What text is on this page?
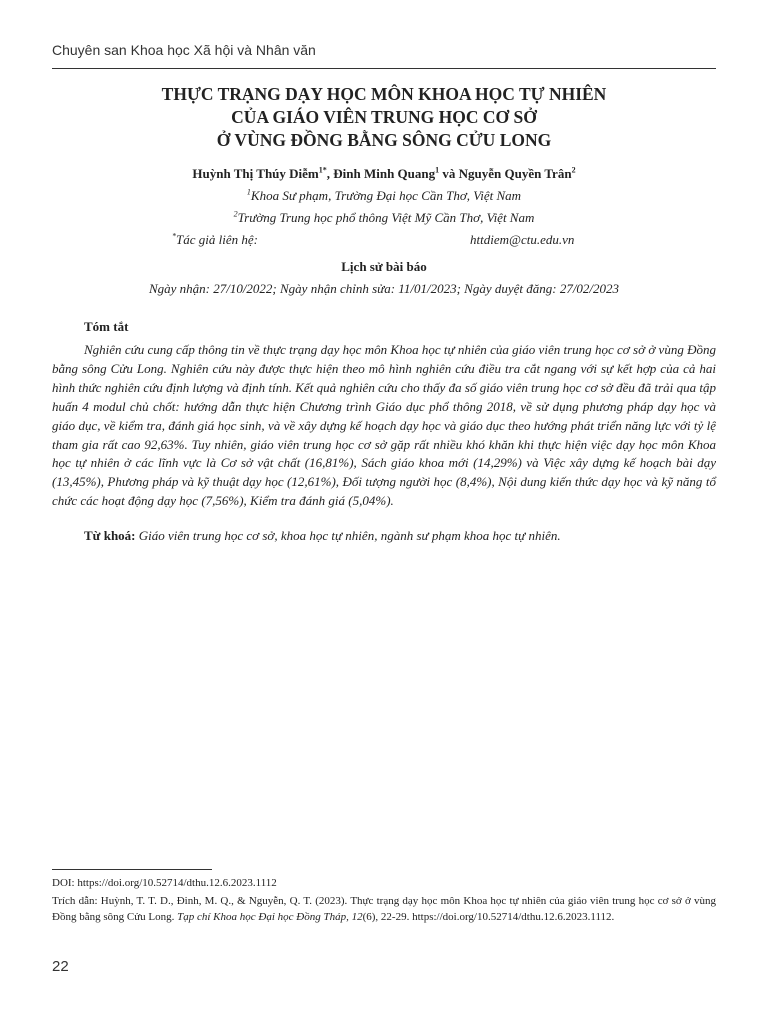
Chuyên san Khoa học Xã hội và Nhân văn
THỰC TRẠNG DẠY HỌC MÔN KHOA HỌC TỰ NHIÊN
CỦA GIÁO VIÊN TRUNG HỌC CƠ SỞ
Ở VÙNG ĐỒNG BẰNG SÔNG CỬU LONG
Huỳnh Thị Thúy Diễm$^{1*}$, Đinh Minh Quang$^1$ và Nguyễn Quyền Trân$^2$
$^1$Khoa Sư phạm, Trường Đại học Cần Thơ, Việt Nam
$^2$Trường Trung học phổ thông Việt Mỹ Cần Thơ, Việt Nam
*Tác giả liên hệ:	httdiem@ctu.edu.vn
Lịch sử bài báo
Ngày nhận: 27/10/2022; Ngày nhận chỉnh sửa: 11/01/2023; Ngày duyệt đăng: 27/02/2023
Tóm tắt
Nghiên cứu cung cấp thông tin về thực trạng dạy học môn Khoa học tự nhiên của giáo viên trung học cơ sở ở vùng Đồng bằng sông Cửu Long. Nghiên cứu này được thực hiện theo mô hình nghiên cứu điều tra cắt ngang với sự kết hợp của cả hai hình thức nghiên cứu định lượng và định tính. Kết quả nghiên cứu cho thấy đa số giáo viên trung học cơ sở đều đã trải qua tập huấn 4 modul chủ chốt: hướng dẫn thực hiện Chương trình Giáo dục phổ thông 2018, về sử dụng phương pháp dạy học và giáo dục, về kiểm tra, đánh giá học sinh, và về xây dựng kế hoạch dạy học và giáo dục theo hướng phát triển năng lực với tỷ lệ tham gia rất cao 92,63%. Tuy nhiên, giáo viên trung học cơ sở gặp rất nhiều khó khăn khi thực hiện việc dạy học môn Khoa học tự nhiên ở các lĩnh vực là Cơ sở vật chất (16,81%), Sách giáo khoa mới (14,29%) và Việc xây dựng kế hoạch bài dạy (13,45%), Phương pháp và kỹ thuật dạy học (12,61%), Đối tượng người học (8,4%), Nội dung kiến thức dạy học và kỹ năng tổ chức các hoạt động dạy học (7,56%), Kiểm tra đánh giá (5,04%).
Từ khoá: Giáo viên trung học cơ sở, khoa học tự nhiên, ngành sư phạm khoa học tự nhiên.
DOI: https://doi.org/10.52714/dthu.12.6.2023.1112
Trích dẫn: Huỳnh, T. T. D., Đinh, M. Q., & Nguyễn, Q. T. (2023). Thực trạng dạy học môn Khoa học tự nhiên của giáo viên trung học cơ sở ở vùng Đồng bằng sông Cửu Long. Tạp chí Khoa học Đại học Đồng Tháp, 12(6), 22-29. https://doi.org/10.52714/dthu.12.6.2023.1112.
22
